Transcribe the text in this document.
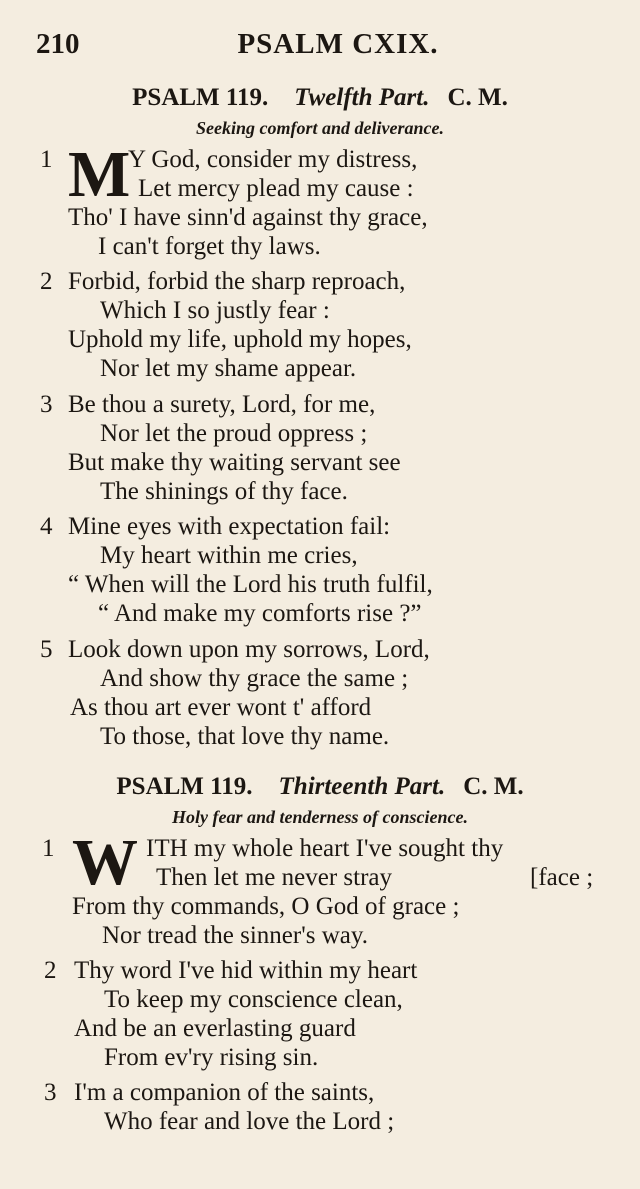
210	PSALM CXIX.
PSALM 119. Twelfth Part. C. M.
Seeking comfort and deliverance.
1 M
Y God, consider my distress,
Let mercy plead my cause :
Tho' I have sinn'd against thy grace,
I can't forget thy laws.
2 Forbid, forbid the sharp reproach,
Which I so justly fear :
Uphold my life, uphold my hopes,
Nor let my shame appear.
3 Be thou a surety, Lord, for me,
Nor let the proud oppress ;
But make thy waiting servant see
The shinings of thy face.
4 Mine eyes with expectation fail:
My heart within me cries,
“ When will the Lord his truth fulfil,
“ And make my comforts rise ?”
5 Look down upon my sorrows, Lord,
And show thy grace the same ;
As thou art ever wont t' afford
To those, that love thy name.
PSALM 119. Thirteenth Part. C. M.
Holy fear and tenderness of conscience.
1 W ITH my whole heart I've sought thy
Then let me never stray	[face ;
From thy commands, O God of grace ;
Nor tread the sinner's way.
2 Thy word I've hid within my heart
To keep my conscience clean,
And be an everlasting guard
From ev'ry rising sin.
3 I'm a companion of the saints,
Who fear and love the Lord ;
